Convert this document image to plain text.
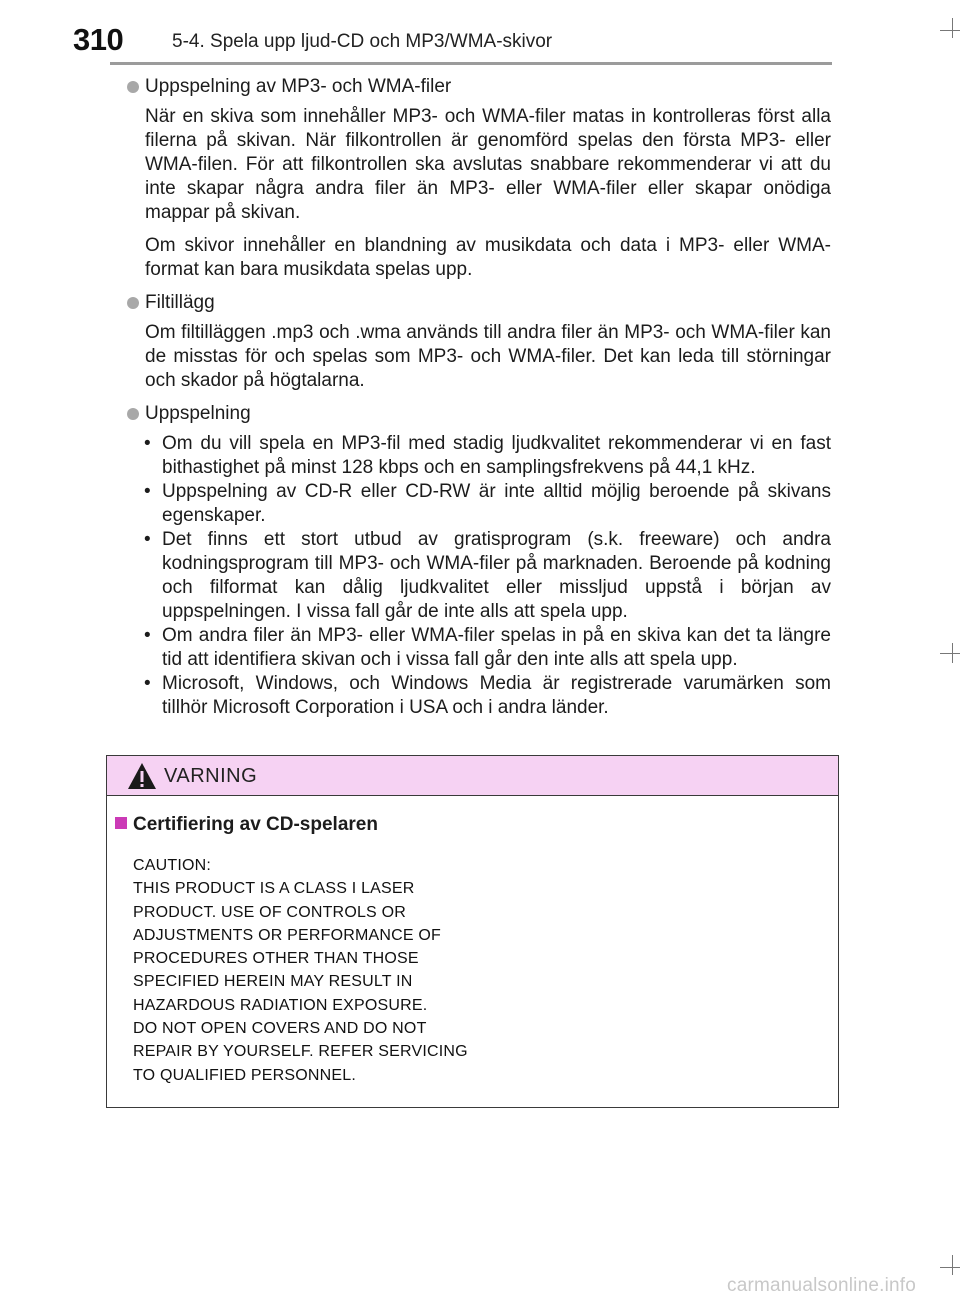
310	5-4. Spela upp ljud-CD och MP3/WMA-skivor

Uppspelning av MP3- och WMA-filer

När en skiva som innehåller MP3- och WMA-filer matas in kontrolleras först alla filerna på skivan. När filkontrollen är genomförd spelas den första MP3- eller WMA-filen. För att filkontrollen ska avslutas snabbare rekommenderar vi att du inte skapar några andra filer än MP3- eller WMA-filer eller skapar onödiga mappar på skivan.

Om skivor innehåller en blandning av musikdata och data i MP3- eller WMA-format kan bara musikdata spelas upp.

Filtillägg

Om filtilläggen .mp3 och .wma används till andra filer än MP3- och WMA-filer kan de misstas för och spelas som MP3- och WMA-filer. Det kan leda till störningar och skador på högtalarna.

Uppspelning

• Om du vill spela en MP3-fil med stadig ljudkvalitet rekommenderar vi en fast bithastighet på minst 128 kbps och en samplingsfrekvens på 44,1 kHz.

• Uppspelning av CD-R eller CD-RW är inte alltid möjlig beroende på skivans egenskaper.

• Det finns ett stort utbud av gratisprogram (s.k. freeware) och andra kodningsprogram till MP3- och WMA-filer på marknaden. Beroende på kodning och filformat kan dålig ljudkvalitet eller missljud uppstå i början av uppspelningen. I vissa fall går de inte alls att spela upp.

• Om andra filer än MP3- eller WMA-filer spelas in på en skiva kan det ta längre tid att identifiera skivan och i vissa fall går den inte alls att spela upp.

• Microsoft, Windows, och Windows Media är registrerade varumärken som tillhör Microsoft Corporation i USA och i andra länder.

VARNING
Certifiering av CD-spelaren
CAUTION:
THIS PRODUCT IS A CLASS I LASER
PRODUCT. USE OF CONTROLS OR
ADJUSTMENTS OR PERFORMANCE OF
PROCEDURES OTHER THAN THOSE
SPECIFIED HEREIN MAY RESULT IN
HAZARDOUS RADIATION EXPOSURE.
DO NOT OPEN COVERS AND DO NOT
REPAIR BY YOURSELF. REFER SERVICING
TO QUALIFIED PERSONNEL.
carmanualsonline.info
